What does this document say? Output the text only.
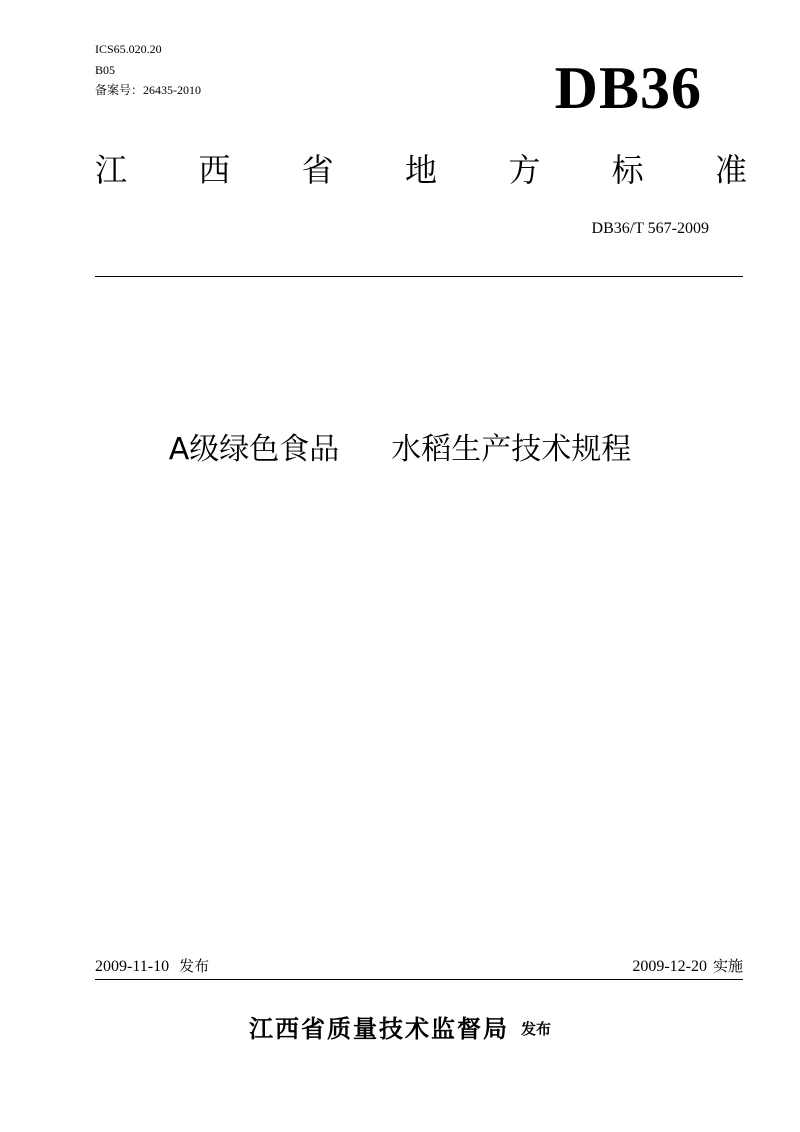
ICS65.020.20
B05
备案号：26435-2010	DB36
江 西 省 地 方 标 准
DB36/T 567-2009
A级绿色食品 水稻生产技术规程
2009-11-10 发布	2009-12-20 实施
江西省质量技术监督局 发布
